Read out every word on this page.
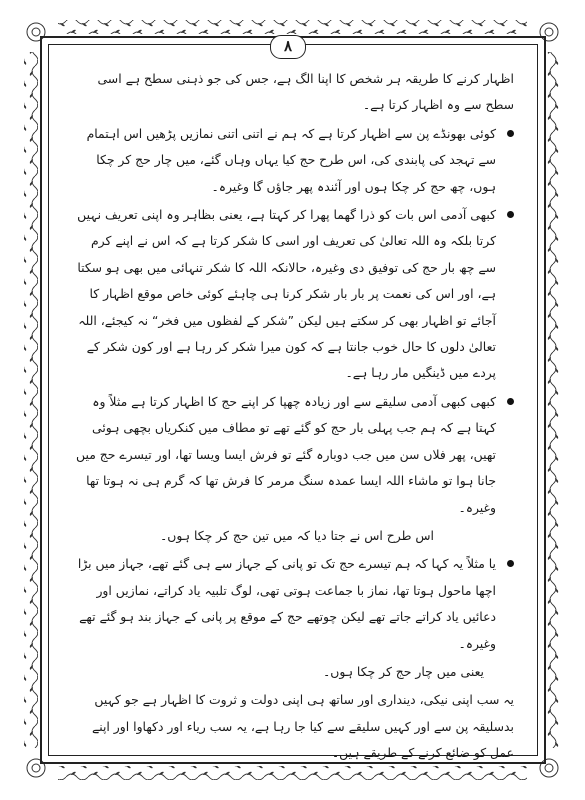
۸

اظہار کرنے کا طریقہ ہر شخص کا اپنا الگ ہے، جس کی جو ذہنی سطح ہے اسی سطح سے وہ اظہار کرتا ہے۔

کوئی بھونڈے پن سے اظہار کرتا ہے کہ ہم نے اتنی اتنی نمازیں پڑھیں اس اہتمام سے تہجد کی پابندی کی، اس طرح حج کیا یہاں وہاں گئے، میں چار حج کر چکا ہوں، چھ حج کر چکا ہوں اور آئندہ پھر جاؤں گا وغیرہ۔

کبھی آدمی اس بات کو ذرا گھما پھرا کر کہتا ہے، یعنی بظاہر وہ اپنی تعریف نہیں کرتا بلکہ وہ اللہ تعالیٰ کی تعریف اور اسی کا شکر کرتا ہے کہ اس نے اپنے کرم سے چھ بار حج کی توفیق دی وغیرہ، حالانکہ اللہ کا شکر تنہائی میں بھی ہو سکتا ہے، اور اس کی نعمت پر بار بار شکر کرنا ہی چاہئے کوئی خاص موقع اظہار کا آجائے تو اظہار بھی کر سکتے ہیں لیکن ”شکر کے لفظوں میں فخر“ نہ کیجئے، اللہ تعالیٰ دلوں کا حال خوب جانتا ہے کہ کون میرا شکر کر رہا ہے اور کون شکر کے پردے میں ڈینگیں مار رہا ہے۔

کبھی کبھی آدمی سلیقے سے اور زیادہ چھپا کر اپنے حج کا اظہار کرتا ہے مثلاً وہ کہتا ہے کہ ہم جب پہلی بار حج کو گئے تھے تو مطاف میں کنکریاں بچھی ہوئی تھیں، پھر فلاں سن میں جب دوبارہ گئے تو فرش ایسا ویسا تھا، اور تیسرے حج میں جانا ہوا تو ماشاء اللہ ایسا عمدہ سنگ مرمر کا فرش تھا کہ گرم ہی نہ ہوتا تھا وغیرہ۔

اس طرح اس نے جتا دیا کہ میں تین حج کر چکا ہوں۔

یا مثلاً یہ کہا کہ ہم تیسرے حج تک تو پانی کے جہاز سے ہی گئے تھے، جہاز میں بڑا اچھا ماحول ہوتا تھا، نماز با جماعت ہوتی تھی، لوگ تلبیہ یاد کراتے، نمازیں اور دعائیں یاد کراتے جاتے تھے لیکن چوتھے حج کے موقع پر پانی کے جہاز بند ہو گئے تھے وغیرہ۔

یعنی میں چار حج کر چکا ہوں۔

یہ سب اپنی نیکی، دینداری اور ساتھ ہی اپنی دولت و ثروت کا اظہار ہے جو کہیں بدسلیقہ پن سے اور کہیں سلیقے سے کیا جا رہا ہے، یہ سب ریاء اور دکھاوا اور اپنے عمل کو ضائع کرنے کے طریقے ہیں۔
